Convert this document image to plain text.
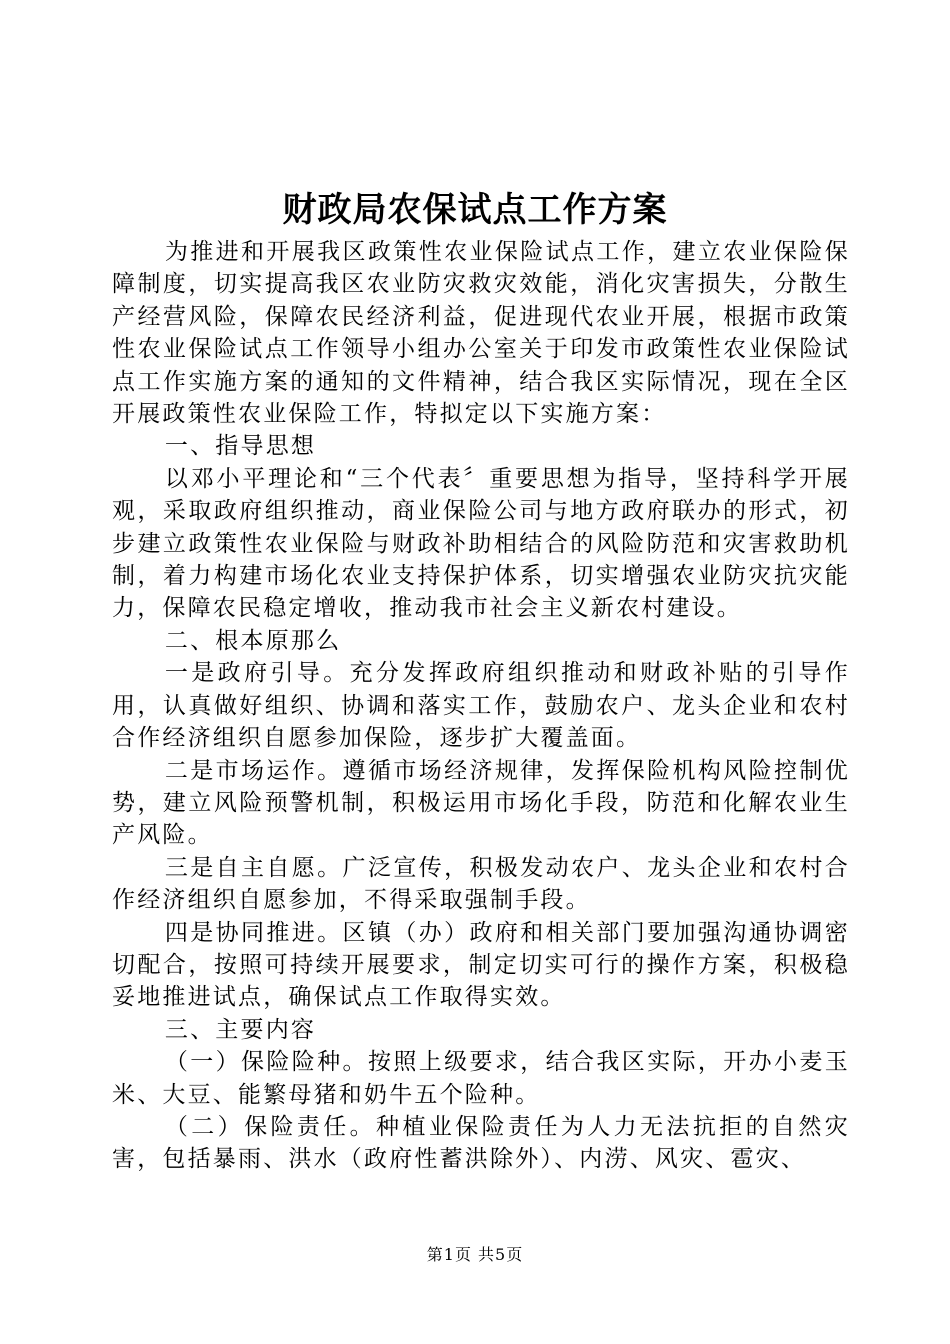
财政局农保试点工作方案

为推进和开展我区政策性农业保险试点工作，建立农业保险保障制度，切实提高我区农业防灾救灾效能，消化灾害损失，分散生产经营风险，保障农民经济利益，促进现代农业开展，根据市政策性农业保险试点工作领导小组办公室关于印发市政策性农业保险试点工作实施方案的通知的文件精神，结合我区实际情况，现在全区开展政策性农业保险工作，特拟定以下实施方案：

一、指导思想

以邓小平理论和“三个代表〞重要思想为指导，坚持科学开展观，采取政府组织推动，商业保险公司与地方政府联办的形式，初步建立政策性农业保险与财政补助相结合的风险防范和灾害救助机制，着力构建市场化农业支持保护体系，切实增强农业防灾抗灾能力，保障农民稳定增收，推动我市社会主义新农村建设。

二、根本原那么

一是政府引导。充分发挥政府组织推动和财政补贴的引导作用，认真做好组织、协调和落实工作，鼓励农户、龙头企业和农村合作经济组织自愿参加保险，逐步扩大覆盖面。

二是市场运作。遵循市场经济规律，发挥保险机构风险控制优势，建立风险预警机制，积极运用市场化手段，防范和化解农业生产风险。

三是自主自愿。广泛宣传，积极发动农户、龙头企业和农村合作经济组织自愿参加，不得采取强制手段。

四是协同推进。区镇（办）政府和相关部门要加强沟通协调密切配合，按照可持续开展要求，制定切实可行的操作方案，积极稳妥地推进试点，确保试点工作取得实效。

三、主要内容

（一）保险险种。按照上级要求，结合我区实际，开办小麦玉米、大豆、能繁母猪和奶牛五个险种。

（二）保险责任。种植业保险责任为人力无法抗拒的自然灾害，包括暴雨、洪水（政府性蓄洪除外）、内涝、风灾、雹灾、

第1页 共5页
